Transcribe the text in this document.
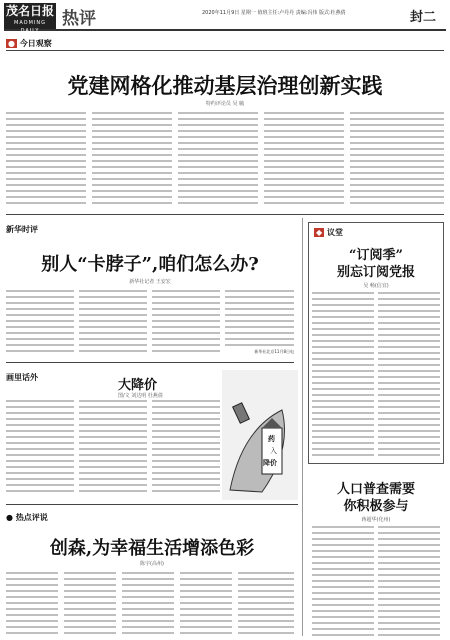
茂名日报
MAOMING DAILY
热评	2020年11月9日 星期一 值班主任:卢丹丹 责编:冯伟 版式:杜燕倩	封二
● 今日观察
党建网格化推动基层治理创新实践
特约评论员 吴 毓
新华时评
别人“卡脖子”,咱们怎么办?
新华社记者 王安宏
新华社北京11月8日电
画里话外
大降价
图/文 刘达明 杜燕倩
药
入
降价
● 热点评说
创森,为幸福生活增添色彩
陈宇(高州)
◆ 议堂
“订阅季”
别忘订阅党报
吴 畅(信宜)
人口普查需要
你积极参与
蒋超华(化州)
